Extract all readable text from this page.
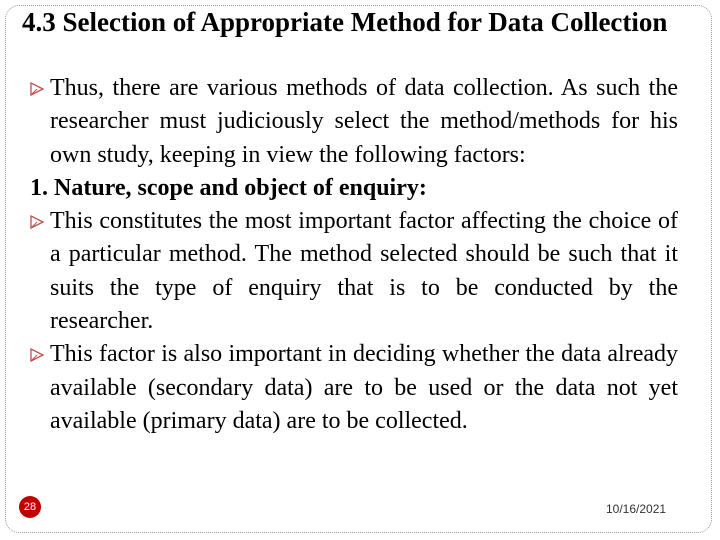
4.3 Selection of Appropriate Method for Data Collection

Thus, there are various methods of data collection. As such the researcher must judiciously select the method/methods for his own study, keeping in view the following factors:

1. Nature, scope and object of enquiry:

This constitutes the most important factor affecting the choice of a particular method. The method selected should be such that it suits the type of enquiry that is to be conducted by the researcher.

This factor is also important in deciding whether the data already available (secondary data) are to be used or the data not yet available (primary data) are to be collected.

28	10/16/2021
